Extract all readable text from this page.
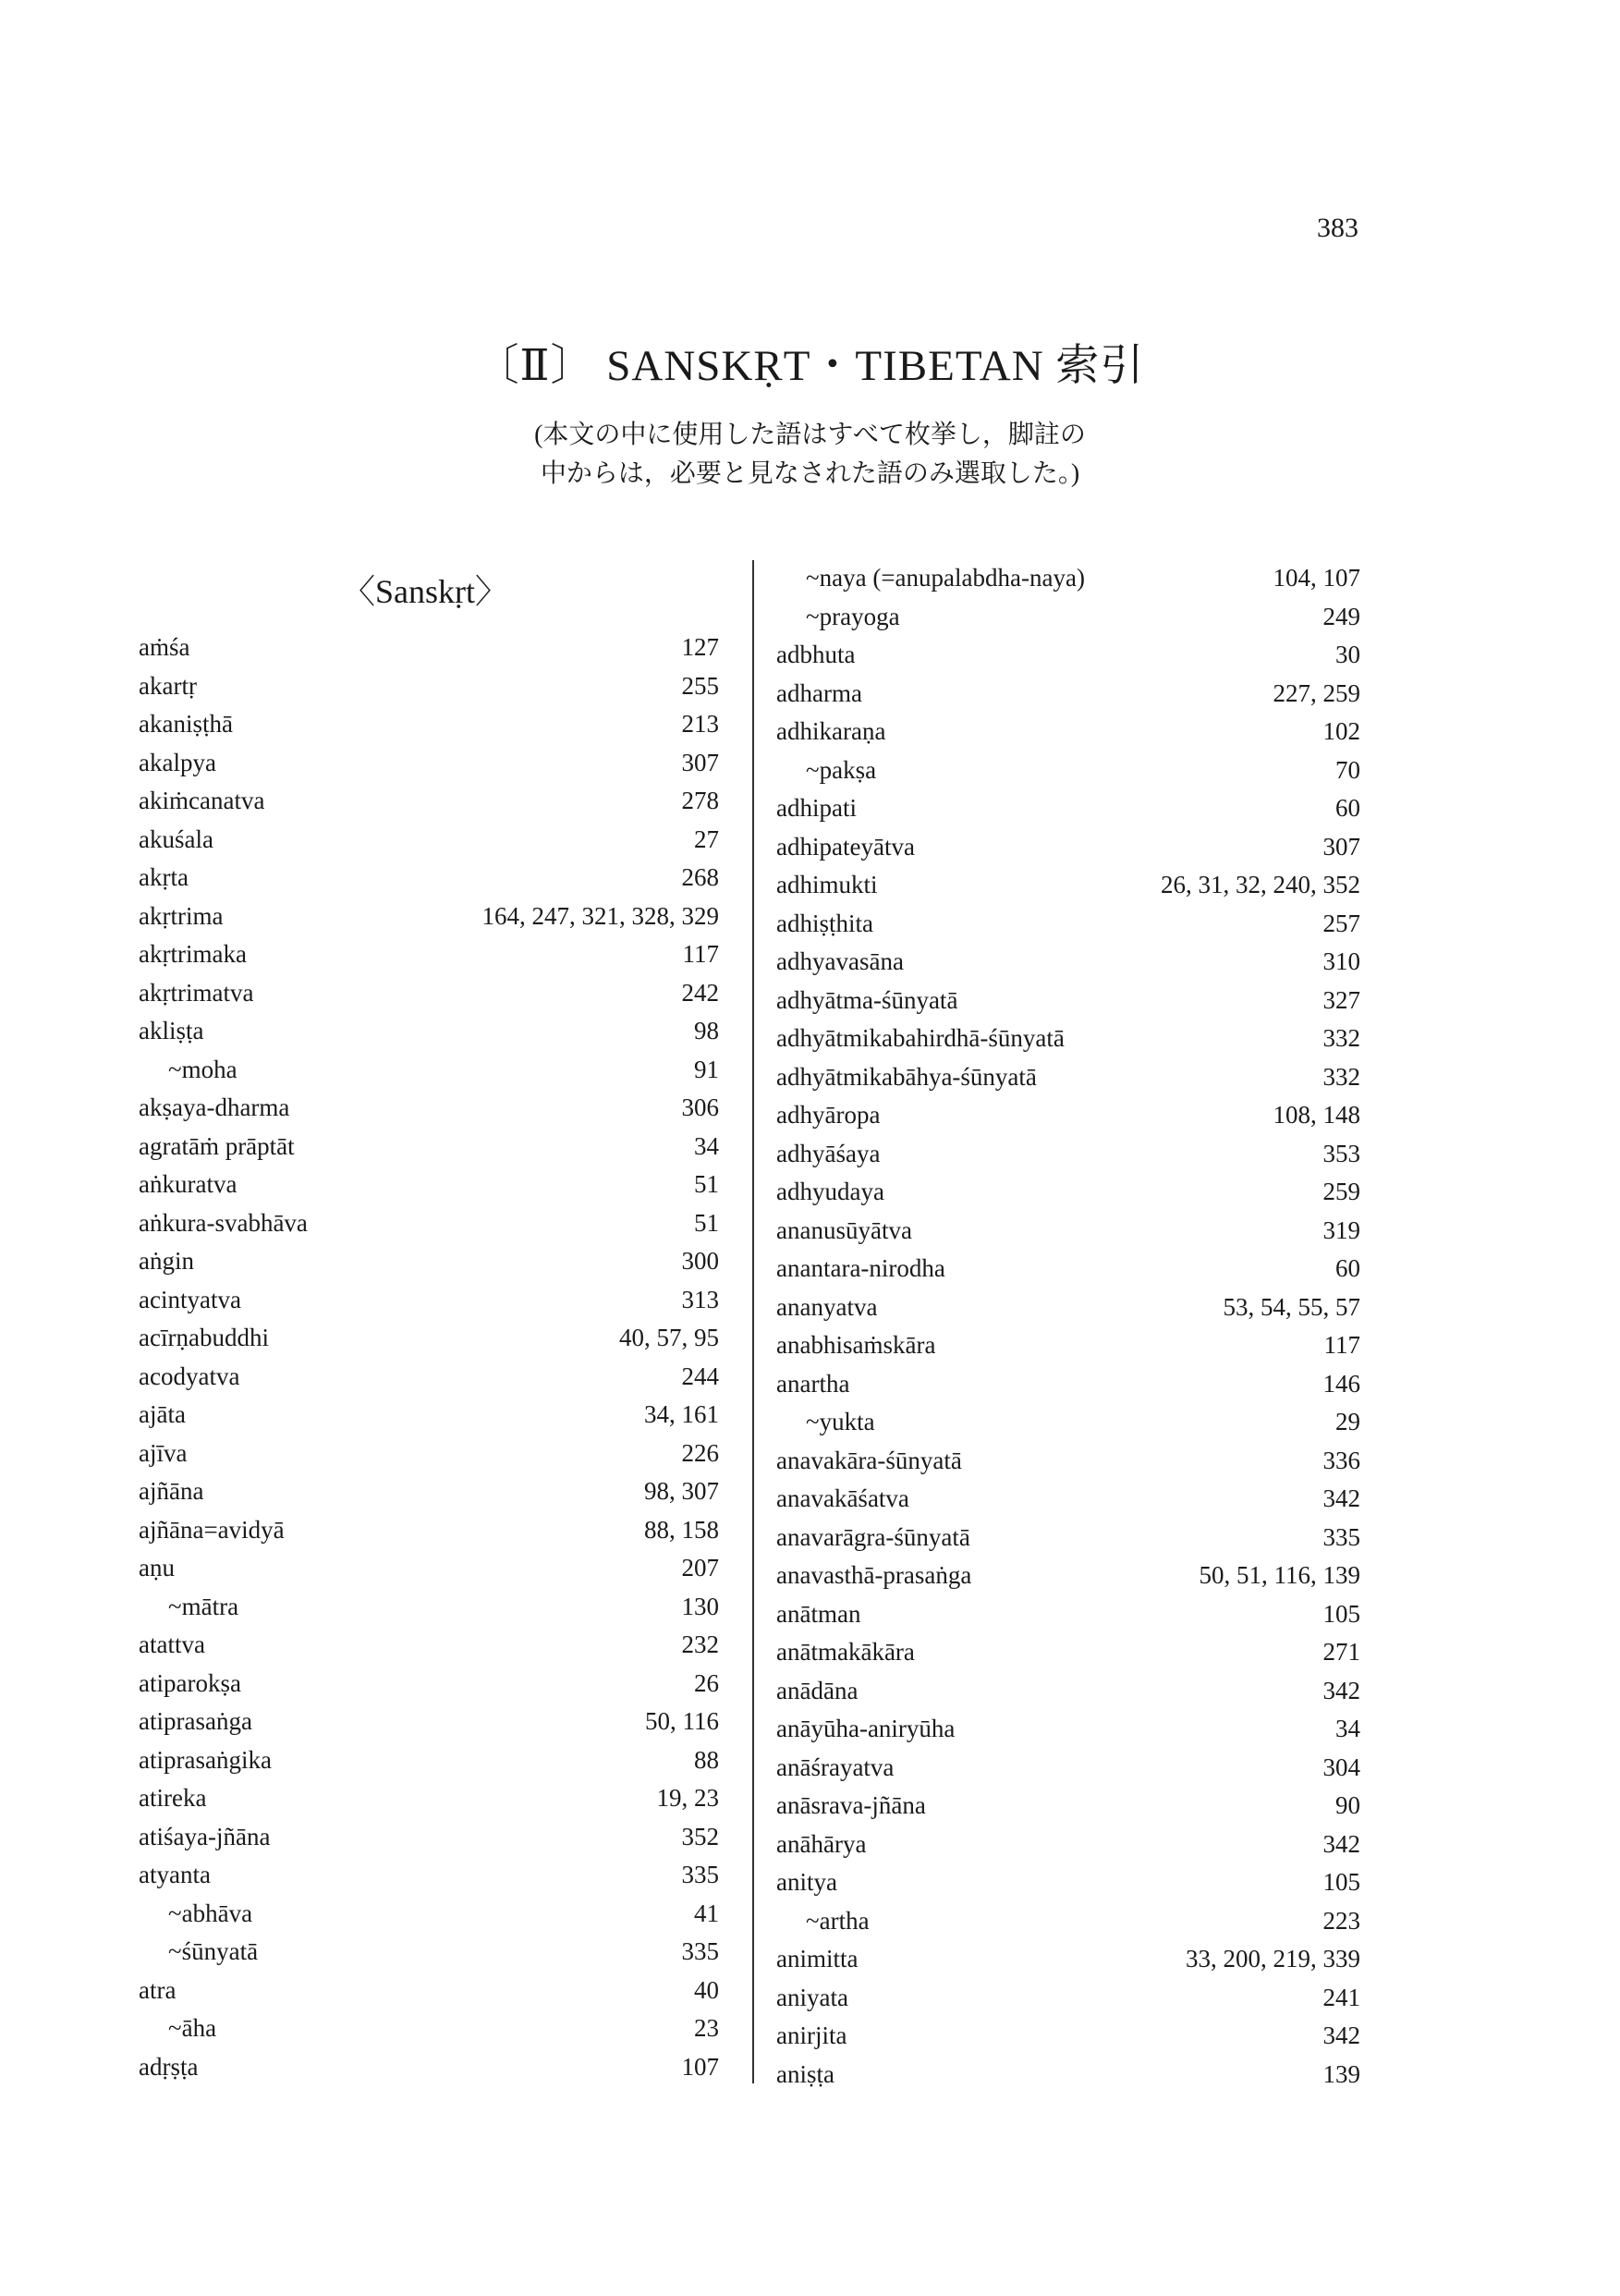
383
〔Ⅱ〕 SANSKṚT・TIBETAN 索引
(本文の中に使用した語はすべて枚挙し，脚註の
中からは，必要と見なされた語のみ選取した。)
〈Sanskṛt〉
aṁśa	127
akartṛ	255
akaniṣṭhā	213
akalpya	307
akiṁcanatva	278
akuśala	27
akṛta	268
akṛtrima	164, 247, 321, 328, 329
akṛtrimaka	117
akṛtrimatva	242
akliṣṭa	98
~moha	91
akṣaya-dharma	306
agratāṁ prāptāt	34
aṅkuratva	51
aṅkura-svabhāva	51
aṅgin	300
acintyatva	313
acīrṇabuddhi	40, 57, 95
acodyatva	244
ajāta	34, 161
ajīva	226
ajñāna	98, 307
ajñāna=avidyā	88, 158
aṇu	207
~mātra	130
atattva	232
atiparokṣa	26
atiprasaṅga	50, 116
atiprasaṅgika	88
atireka	19, 23
atiśaya-jñāna	352
atyanta	335
~abhāva	41
~śūnyatā	335
atra	40
~āha	23
adṛṣṭa	107
~naya (=anupalabdha-naya)	104, 107
~prayoga	249
adbhuta	30
adharma	227, 259
adhikaraṇa	102
~pakṣa	70
adhipati	60
adhipateyātva	307
adhimukti	26, 31, 32, 240, 352
adhiṣṭhita	257
adhyavasāna	310
adhyātma-śūnyatā	327
adhyātmikabahirdhā-śūnyatā	332
adhyātmikabāhya-śūnyatā	332
adhyāropa	108, 148
adhyāśaya	353
adhyudaya	259
ananusūyātva	319
anantara-nirodha	60
ananyatva	53, 54, 55, 57
anabhisaṁskāra	117
anartha	146
~yukta	29
anavakāra-śūnyatā	336
anavakāśatva	342
anavarāgra-śūnyatā	335
anavasthā-prasaṅga	50, 51, 116, 139
anātman	105
anātmakākāra	271
anādāna	342
anāyūha-aniryūha	34
anāśrayatva	304
anāsrava-jñāna	90
anāhārya	342
anitya	105
~artha	223
animitta	33, 200, 219, 339
aniyata	241
anirjita	342
aniṣṭa	139
